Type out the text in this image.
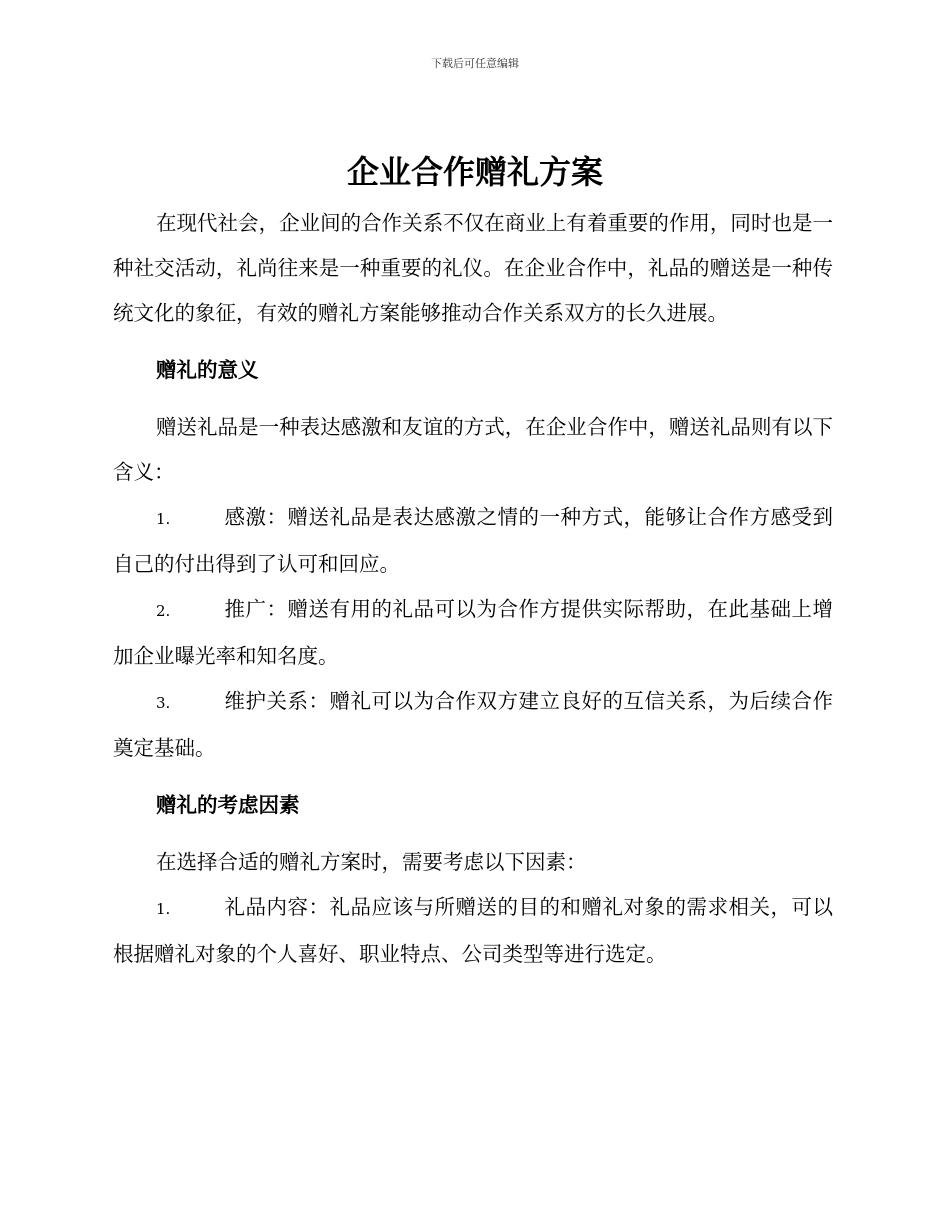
下载后可任意编辑
企业合作赠礼方案

在现代社会，企业间的合作关系不仅在商业上有着重要的作用，同时也是一种社交活动，礼尚往来是一种重要的礼仪。在企业合作中，礼品的赠送是一种传统文化的象征，有效的赠礼方案能够推动合作关系双方的长久进展。

赠礼的意义

赠送礼品是一种表达感激和友谊的方式，在企业合作中，赠送礼品则有以下含义：

1.	感激：赠送礼品是表达感激之情的一种方式，能够让合作方感受到自己的付出得到了认可和回应。

2.	推广：赠送有用的礼品可以为合作方提供实际帮助，在此基础上增加企业曝光率和知名度。

3.	维护关系：赠礼可以为合作双方建立良好的互信关系，为后续合作奠定基础。

赠礼的考虑因素

在选择合适的赠礼方案时，需要考虑以下因素：

1.	礼品内容：礼品应该与所赠送的目的和赠礼对象的需求相关，可以根据赠礼对象的个人喜好、职业特点、公司类型等进行选定。
